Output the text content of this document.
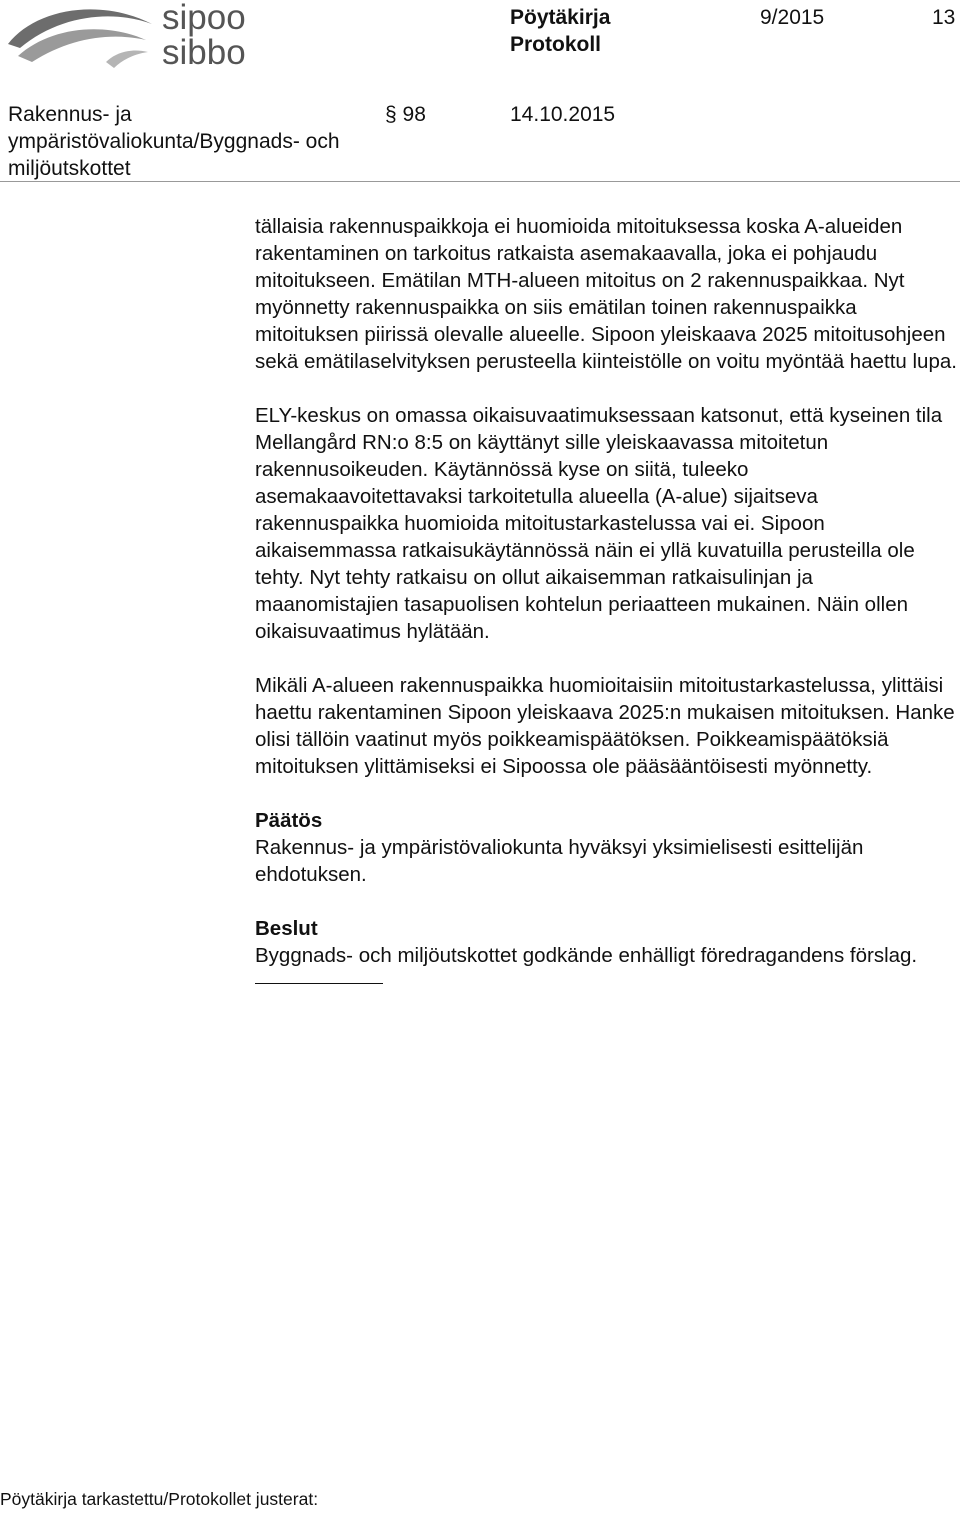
sipoo
sibbo
Pöytäkirja
Protokoll
9/2015	13
Rakennus- ja
ympäristövaliokunta/Byggnads- och
miljöutskottet
§ 98	14.10.2015

tällaisia rakennuspaikkoja ei huomioida mitoituksessa koska A-alueiden rakentaminen on tarkoitus ratkaista asemakaavalla, joka ei pohjaudu mitoitukseen. Emätilan MTH-alueen mitoitus on 2 rakennuspaikkaa. Nyt myönnetty rakennuspaikka on siis emätilan toinen rakennuspaikka mitoituksen piirissä olevalle alueelle. Sipoon yleiskaava 2025 mitoitusohjeen sekä emätilaselvityksen perusteella kiinteistölle on voitu myöntää haettu lupa.

ELY-keskus on omassa oikaisuvaatimuksessaan katsonut, että kyseinen tila Mellangård RN:o 8:5 on käyttänyt sille yleiskaavassa mitoitetun rakennusoikeuden. Käytännössä kyse on siitä, tuleeko asemakaavoitettavaksi tarkoitetulla alueella (A-alue) sijaitseva rakennuspaikka huomioida mitoitustarkastelussa vai ei. Sipoon aikaisemmassa ratkaisukäytännössä näin ei yllä kuvatuilla perusteilla ole tehty. Nyt tehty ratkaisu on ollut aikaisemman ratkaisulinjan ja maanomistajien tasapuolisen kohtelun periaatteen mukainen. Näin ollen oikaisuvaatimus hylätään.

Mikäli A-alueen rakennuspaikka huomioitaisiin mitoitustarkastelussa, ylittäisi haettu rakentaminen Sipoon yleiskaava 2025:n mukaisen mitoituksen. Hanke olisi tällöin vaatinut myös poikkeamispäätöksen. Poikkeamispäätöksiä mitoituksen ylittämiseksi ei Sipoossa ole pääsääntöisesti myönnetty.

Päätös

Rakennus- ja ympäristövaliokunta hyväksyi yksimielisesti esittelijän ehdotuksen.

Beslut

Byggnads- och miljöutskottet godkände enhälligt föredragandens förslag.

Pöytäkirja tarkastettu/Protokollet justerat:
